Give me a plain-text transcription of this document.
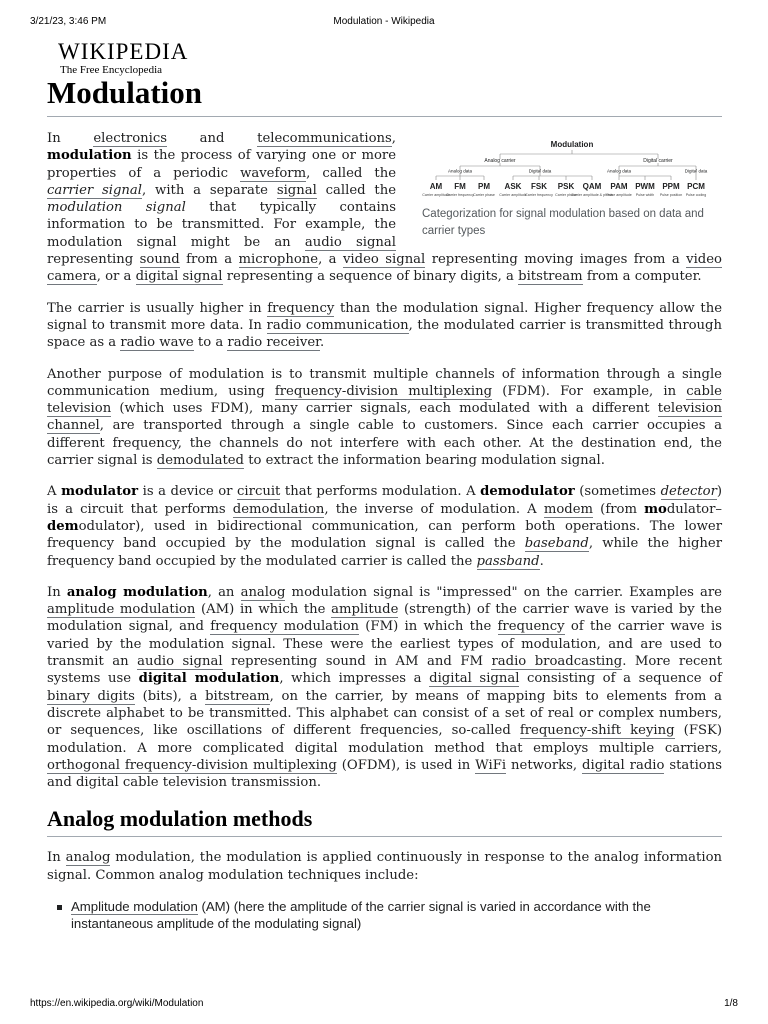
3/21/23, 3:46 PM	Modulation - Wikipedia
WIKIPEDIA
The Free Encyclopedia
Modulation
Modulation
Analog carrier	Digital carrier
Analog data	Digital data	Analog data	Digital data
AM
Carrier amplitude
FM
Carrier frequency
PM
Carrier phase
ASK
Carrier amplitude
FSK
Carrier frequency
PSK
Carrier phase
QAM
Carrier amplitude & phase
PAM
Pulse amplitude
PWM
Pulse width
PPM
Pulse position
PCM
Pulse coding
Categorization for signal modulation based on data and carrier types

In electronics and telecommunications, modulation is the process of varying one or more properties of a periodic waveform, called the carrier signal, with a separate signal called the modulation signal that typically contains information to be transmitted. For example, the modulation signal might be an audio signal representing sound from a microphone, a video signal representing moving images from a video camera, or a digital signal representing a sequence of binary digits, a bitstream from a computer.

The carrier is usually higher in frequency than the modulation signal. Higher frequency allow the signal to transmit more data. In radio communication, the modulated carrier is transmitted through space as a radio wave to a radio receiver.

Another purpose of modulation is to transmit multiple channels of information through a single communication medium, using frequency-division multiplexing (FDM). For example, in cable television (which uses FDM), many carrier signals, each modulated with a different television channel, are transported through a single cable to customers. Since each carrier occupies a different frequency, the channels do not interfere with each other. At the destination end, the carrier signal is demodulated to extract the information bearing modulation signal.

A modulator is a device or circuit that performs modulation. A demodulator (sometimes detector) is a circuit that performs demodulation, the inverse of modulation. A modem (from modulator–demodulator), used in bidirectional communication, can perform both operations. The lower frequency band occupied by the modulation signal is called the baseband, while the higher frequency band occupied by the modulated carrier is called the passband.

In analog modulation, an analog modulation signal is "impressed" on the carrier. Examples are amplitude modulation (AM) in which the amplitude (strength) of the carrier wave is varied by the modulation signal, and frequency modulation (FM) in which the frequency of the carrier wave is varied by the modulation signal. These were the earliest types of modulation, and are used to transmit an audio signal representing sound in AM and FM radio broadcasting. More recent systems use digital modulation, which impresses a digital signal consisting of a sequence of binary digits (bits), a bitstream, on the carrier, by means of mapping bits to elements from a discrete alphabet to be transmitted. This alphabet can consist of a set of real or complex numbers, or sequences, like oscillations of different frequencies, so-called frequency-shift keying (FSK) modulation. A more complicated digital modulation method that employs multiple carriers, orthogonal frequency-division multiplexing (OFDM), is used in WiFi networks, digital radio stations and digital cable television transmission.

Analog modulation methods

In analog modulation, the modulation is applied continuously in response to the analog information signal. Common analog modulation techniques include:

Amplitude modulation (AM) (here the amplitude of the carrier signal is varied in accordance with the instantaneous amplitude of the modulating signal)
https://en.wikipedia.org/wiki/Modulation	1/8
